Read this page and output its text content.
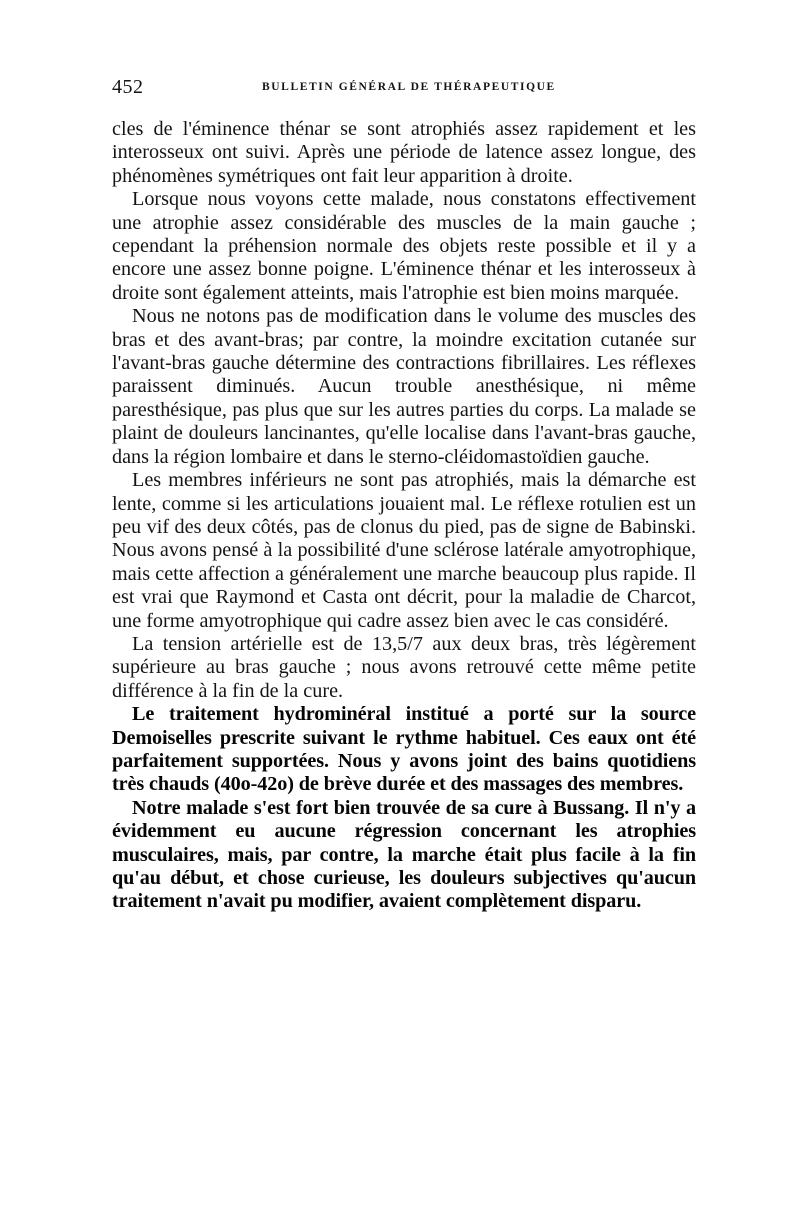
452	BULLETIN GÉNÉRAL DE THÉRAPEUTIQUE

cles de l'éminence thénar se sont atrophiés assez rapidement et les interosseux ont suivi. Après une période de latence assez longue, des phénomènes symétriques ont fait leur apparition à droite.

Lorsque nous voyons cette malade, nous constatons effectivement une atrophie assez considérable des muscles de la main gauche ; cependant la préhension normale des objets reste possible et il y a encore une assez bonne poigne. L'éminence thénar et les interosseux à droite sont également atteints, mais l'atrophie est bien moins marquée.

Nous ne notons pas de modification dans le volume des muscles des bras et des avant-bras; par contre, la moindre excitation cutanée sur l'avant-bras gauche détermine des contractions fibrillaires. Les réflexes paraissent diminués. Aucun trouble anesthésique, ni même paresthésique, pas plus que sur les autres parties du corps. La malade se plaint de douleurs lancinantes, qu'elle localise dans l'avant-bras gauche, dans la région lombaire et dans le sterno-cléidomastoïdien gauche.

Les membres inférieurs ne sont pas atrophiés, mais la démarche est lente, comme si les articulations jouaient mal. Le réflexe rotulien est un peu vif des deux côtés, pas de clonus du pied, pas de signe de Babinski. Nous avons pensé à la possibilité d'une sclérose latérale amyotrophique, mais cette affection a généralement une marche beaucoup plus rapide. Il est vrai que Raymond et Casta ont décrit, pour la maladie de Charcot, une forme amyotrophique qui cadre assez bien avec le cas considéré.

La tension artérielle est de 13,5/7 aux deux bras, très légèrement supérieure au bras gauche ; nous avons retrouvé cette même petite différence à la fin de la cure.

Le traitement hydrominéral institué a porté sur la source Demoiselles prescrite suivant le rythme habituel. Ces eaux ont été parfaitement supportées. Nous y avons joint des bains quotidiens très chauds (40o-42o) de brève durée et des massages des membres.

Notre malade s'est fort bien trouvée de sa cure à Bussang. Il n'y a évidemment eu aucune régression concernant les atrophies musculaires, mais, par contre, la marche était plus facile à la fin qu'au début, et chose curieuse, les douleurs subjectives qu'aucun traitement n'avait pu modifier, avaient complètement disparu.
